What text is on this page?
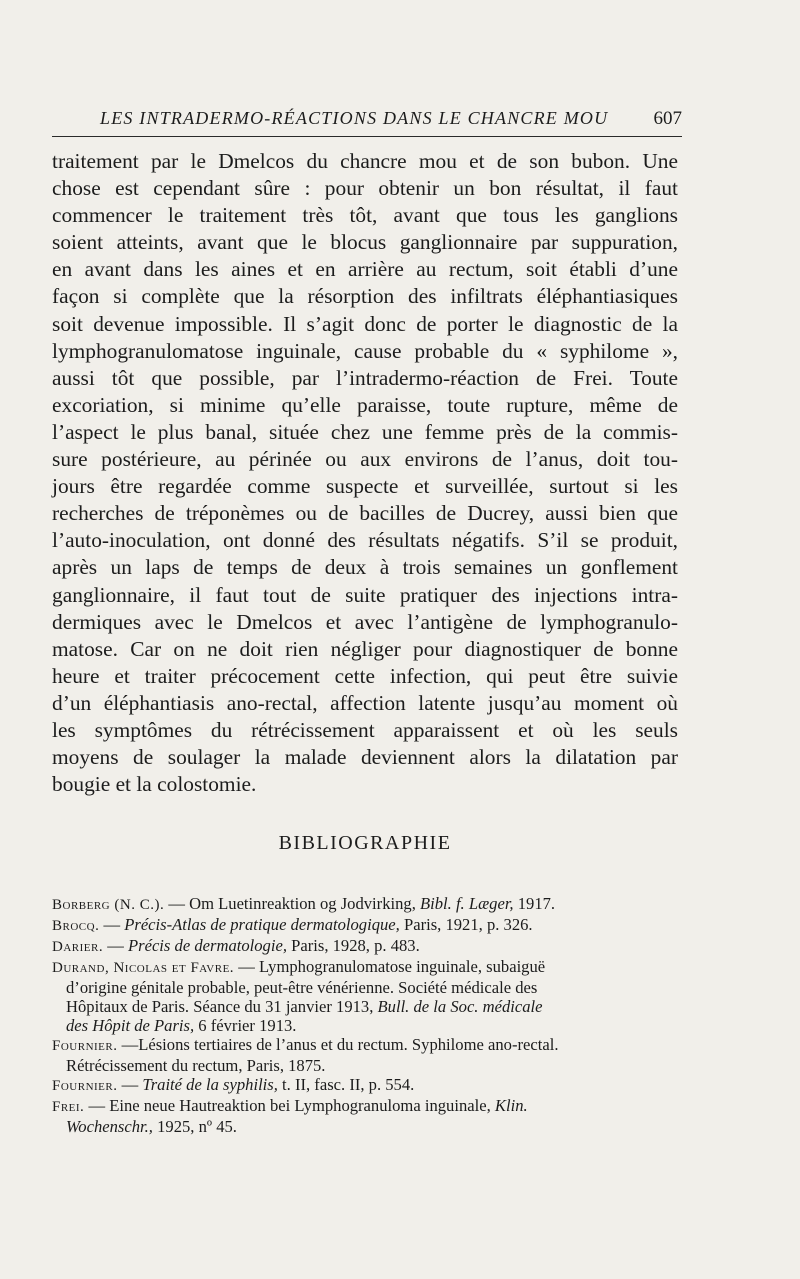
LES INTRADERMO-RÉACTIONS DANS LE CHANCRE MOU 607
traitement par le Dmelcos du chancre mou et de son bubon. Une
chose est cependant sûre : pour obtenir un bon résultat, il faut
commencer le traitement très tôt, avant que tous les ganglions
soient atteints, avant que le blocus ganglionnaire par suppuration,
en avant dans les aines et en arrière au rectum, soit établi d’une
façon si complète que la résorption des infiltrats éléphantiasiques
soit devenue impossible. Il s’agit donc de porter le diagnostic de la
lymphogranulomatose inguinale, cause probable du « syphilome »,
aussi tôt que possible, par l’intradermo-réaction de Frei. Toute
excoriation, si minime qu’elle paraisse, toute rupture, même de
l’aspect le plus banal, située chez une femme près de la commis-
sure postérieure, au périnée ou aux environs de l’anus, doit tou-
jours être regardée comme suspecte et surveillée, surtout si les
recherches de tréponèmes ou de bacilles de Ducrey, aussi bien que
l’auto-inoculation, ont donné des résultats négatifs. S’il se produit,
après un laps de temps de deux à trois semaines un gonflement
ganglionnaire, il faut tout de suite pratiquer des injections intra-
dermiques avec le Dmelcos et avec l’antigène de lymphogranulo-
matose. Car on ne doit rien négliger pour diagnostiquer de bonne
heure et traiter précocement cette infection, qui peut être suivie
d’un éléphantiasis ano-rectal, affection latente jusqu’au moment où
les symptômes du rétrécissement apparaissent et où les seuls
moyens de soulager la malade deviennent alors la dilatation par
bougie et la colostomie.
BIBLIOGRAPHIE

Borberg (N. C.). — Om Luetinreaktion og Jodvirking, Bibl. f. Læger, 1917.

Brocq. — Précis-Atlas de pratique dermatologique, Paris, 1921, p. 326.

Darier. — Précis de dermatologie, Paris, 1928, p. 483.

Durand, Nicolas et Favre. — Lymphogranulomatose inguinale, subaiguë
d’origine génitale probable, peut-être vénérienne. Société médicale des
Hôpitaux de Paris. Séance du 31 janvier 1913, Bull. de la Soc. médicale
des Hôpit de Paris, 6 février 1913.

Fournier. —Lésions tertiaires de l’anus et du rectum. Syphilome ano-rectal.
Rétrécissement du rectum, Paris, 1875.

Fournier. — Traité de la syphilis, t. II, fasc. II, p. 554.

Frei. — Eine neue Hautreaktion bei Lymphogranuloma inguinale, Klin.
Wochenschr., 1925, nº 45.
